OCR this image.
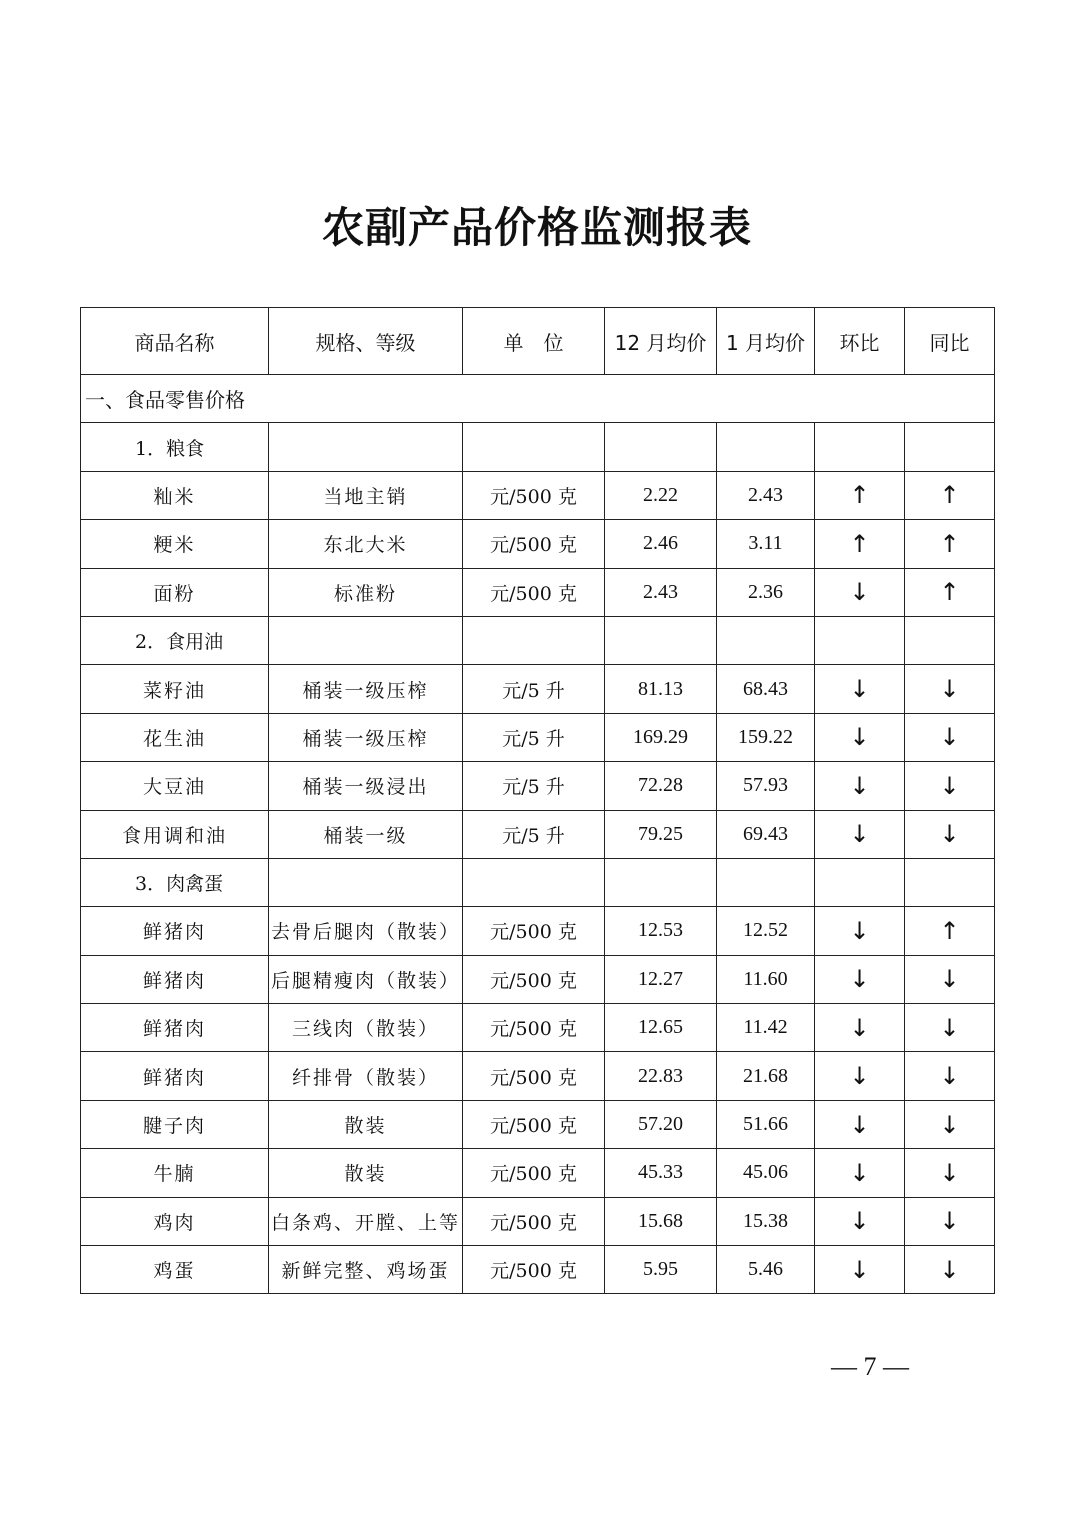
农副产品价格监测报表
商品名称	规格、等级	单　位	12 月均价	1 月均价	环比	同比
一、食品零售价格						
1．粮食						
籼米	当地主销	元/500 克	2.22	2.43	↑	↑
粳米	东北大米	元/500 克	2.46	3.11	↑	↑
面粉	标准粉	元/500 克	2.43	2.36	↓	↑
2．食用油						
菜籽油	桶装一级压榨	元/5 升	81.13	68.43	↓	↓
花生油	桶装一级压榨	元/5 升	169.29	159.22	↓	↓
大豆油	桶装一级浸出	元/5 升	72.28	57.93	↓	↓
食用调和油	桶装一级	元/5 升	79.25	69.43	↓	↓
3．肉禽蛋						
鲜猪肉	去骨后腿肉（散装）	元/500 克	12.53	12.52	↓	↑
鲜猪肉	后腿精瘦肉（散装）	元/500 克	12.27	11.60	↓	↓
鲜猪肉	三线肉（散装）	元/500 克	12.65	11.42	↓	↓
鲜猪肉	纤排骨（散装）	元/500 克	22.83	21.68	↓	↓
腱子肉	散装	元/500 克	57.20	51.66	↓	↓
牛腩	散装	元/500 克	45.33	45.06	↓	↓
鸡肉	白条鸡、开膛、上等	元/500 克	15.68	15.38	↓	↓
鸡蛋	新鲜完整、鸡场蛋	元/500 克	5.95	5.46	↓	↓
— 7 —
